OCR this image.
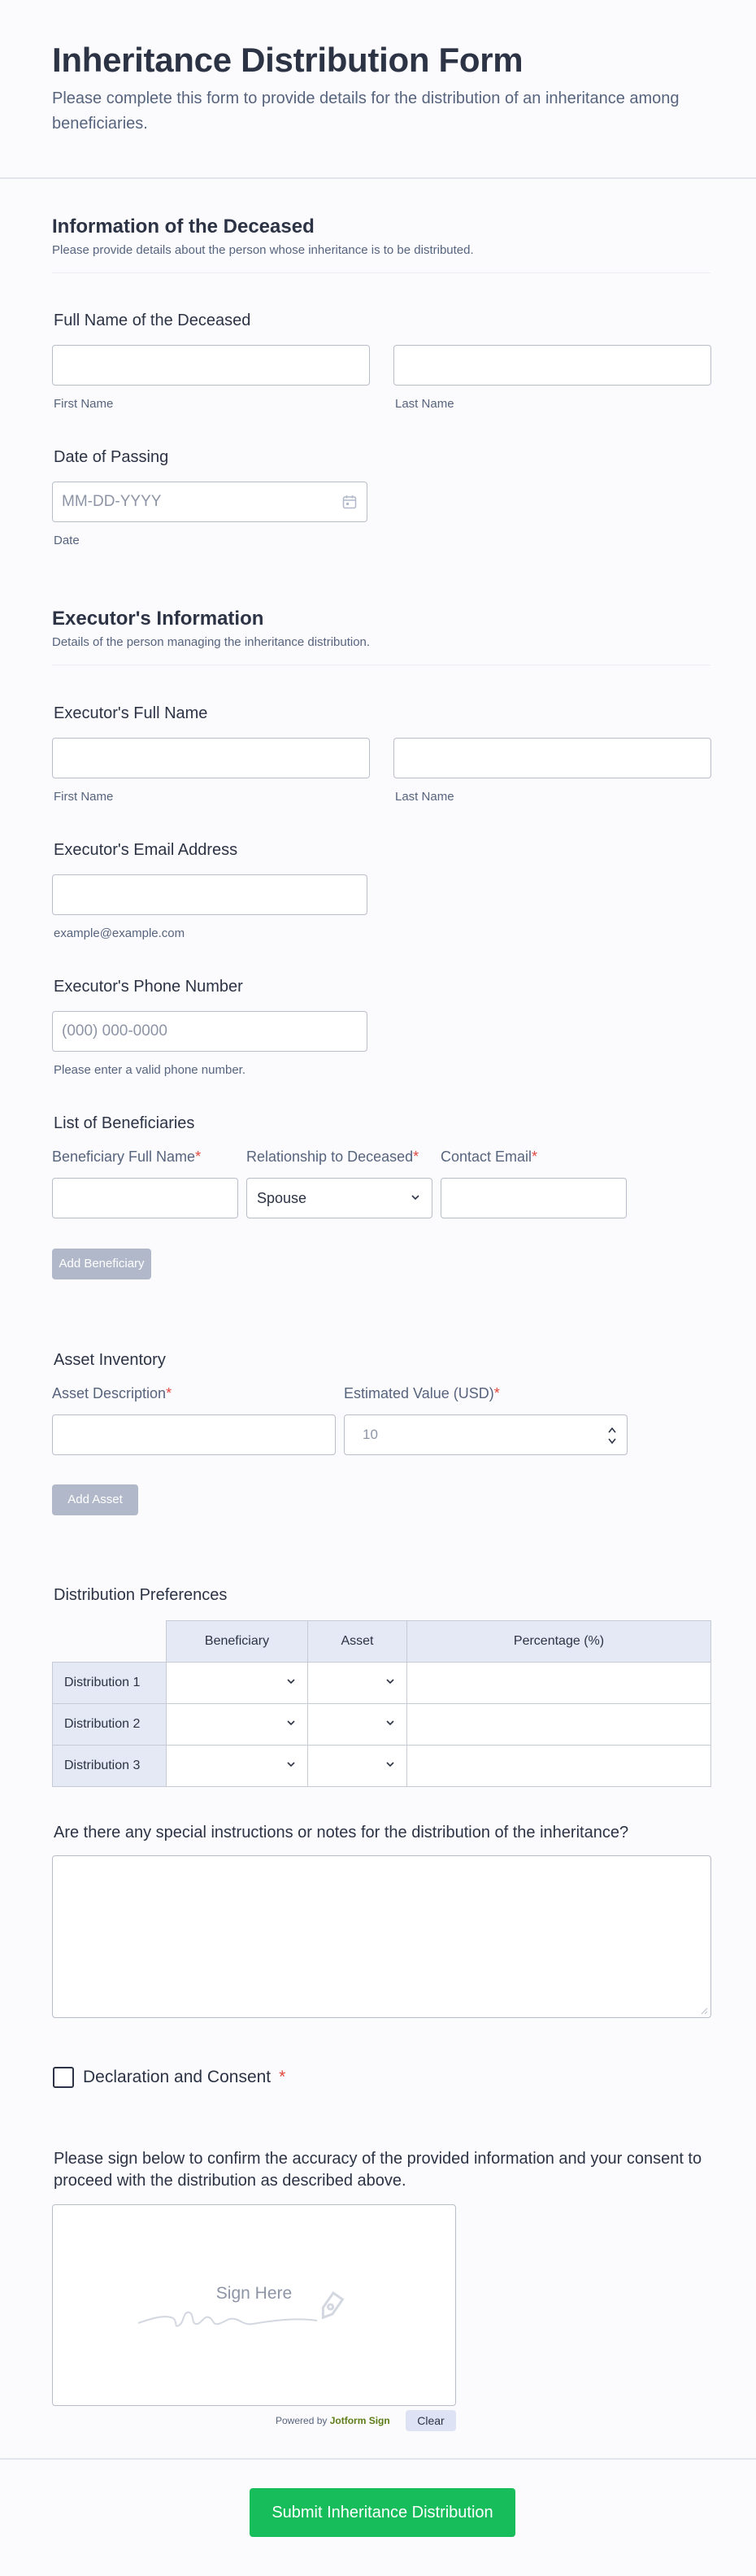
Inheritance Distribution Form
Please complete this form to provide details for the distribution of an inheritance among beneficiaries.
Information of the Deceased
Please provide details about the person whose inheritance is to be distributed.
Full Name of the Deceased
First Name	Last Name
Date of Passing
MM-DD-YYYY
Date
Executor's Information
Details of the person managing the inheritance distribution.
Executor's Full Name
First Name	Last Name
Executor's Email Address
example@example.com
Executor's Phone Number
(000) 000-0000
Please enter a valid phone number.
List of Beneficiaries
Beneficiary Full Name*	Relationship to Deceased* Contact Email*
Spouse
Add Beneficiary
Asset Inventory
Asset Description*	Estimated Value (USD)*
10
Add Asset
Distribution Preferences
	Beneficiary	Asset	Percentage (%)
Distribution 1	

Distribution 2	

Distribution 3	

Are there any special instructions or notes for the distribution of the inheritance?
Declaration and Consent *
Please sign below to confirm the accuracy of the provided information and your consent to proceed with the distribution as described above.
Sign Here
Powered by Jotform Sign	Clear
Submit Inheritance Distribution
